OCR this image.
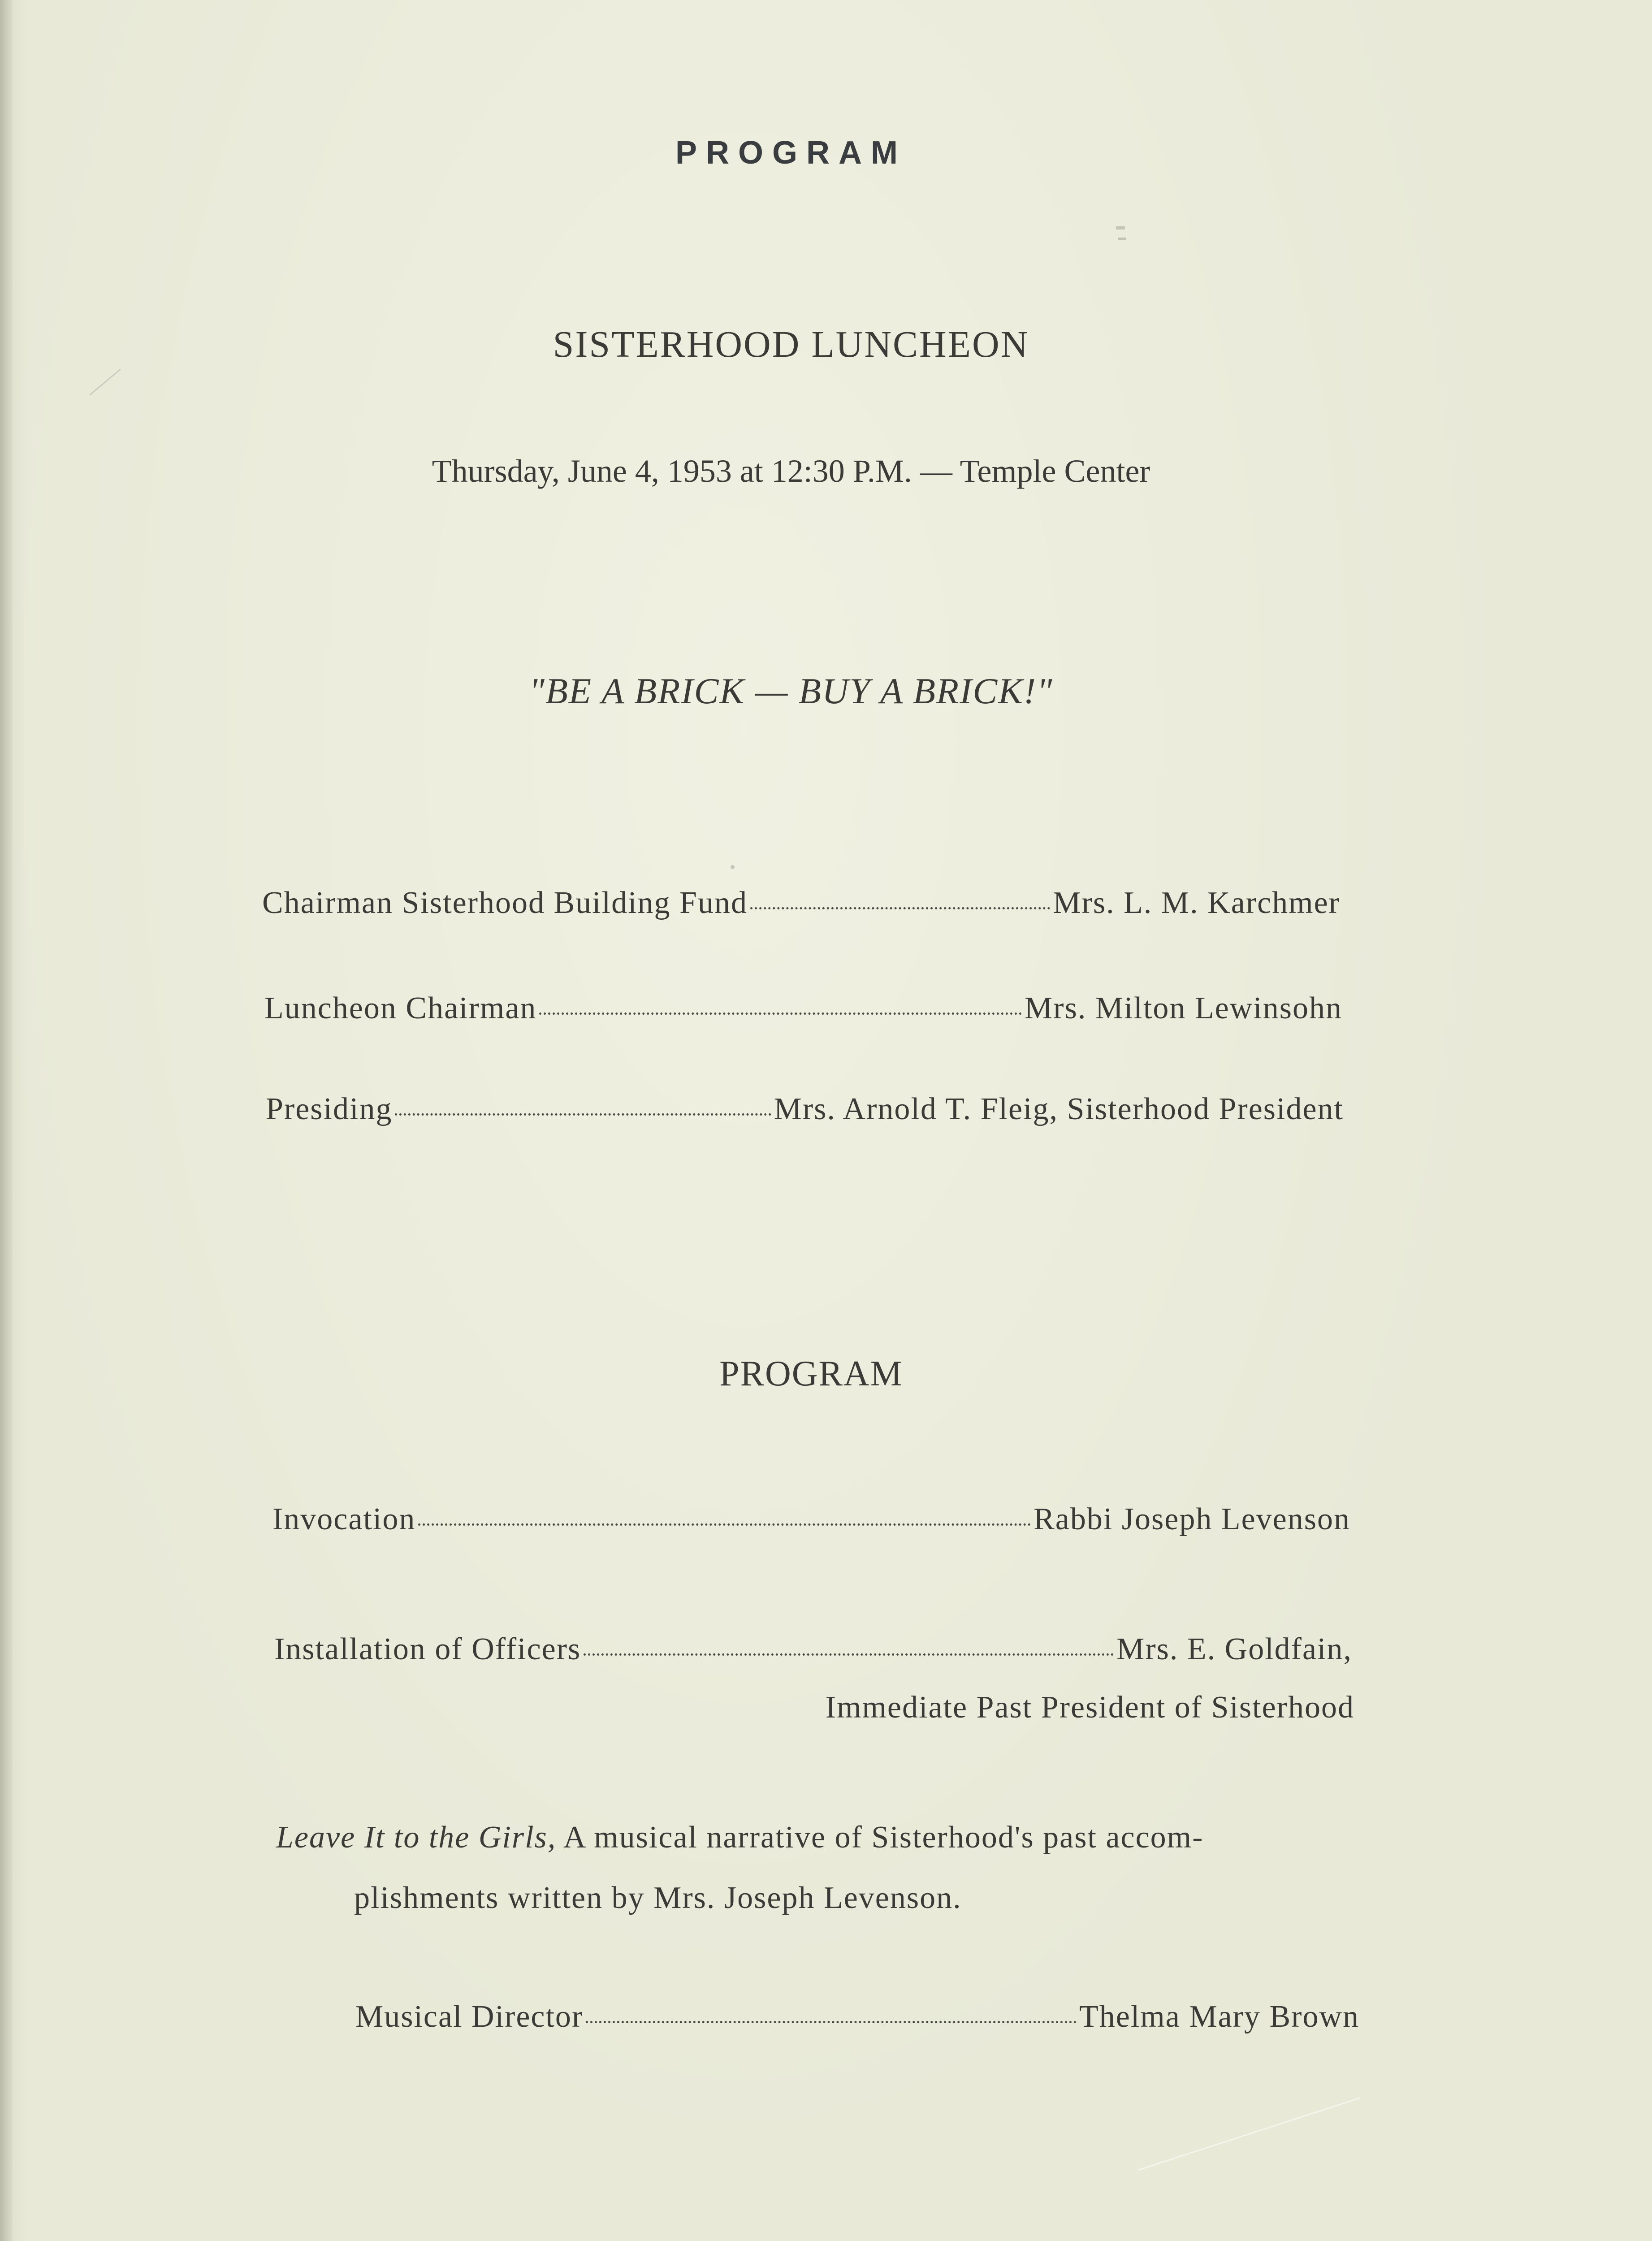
PROGRAM
SISTERHOOD LUNCHEON
Thursday, June 4, 1953 at 12:30 P.M. — Temple Center
"BE A BRICK — BUY A BRICK!"
Chairman Sisterhood Building Fund	Mrs. L. M. Karchmer
Luncheon Chairman	Mrs. Milton Lewinsohn
Presiding	Mrs. Arnold T. Fleig, Sisterhood President
PROGRAM
Invocation	Rabbi Joseph Levenson
Installation of Officers	Mrs. E. Goldfain,
Immediate Past President of Sisterhood
Leave It to the Girls, A musical narrative of Sisterhood's past accom-
plishments written by Mrs. Joseph Levenson.
Musical Director	Thelma Mary Brown
